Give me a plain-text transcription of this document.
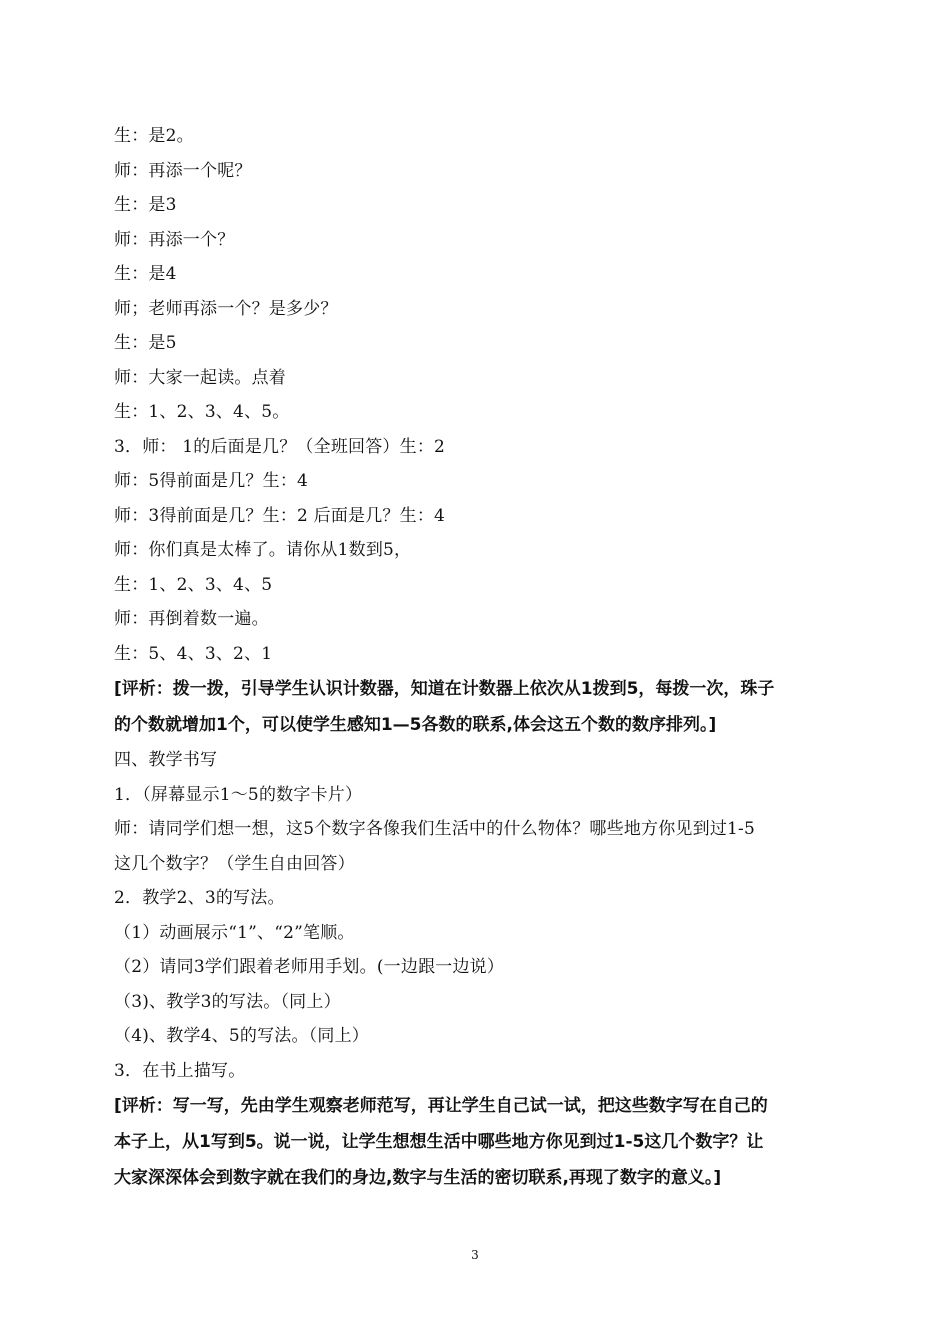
生：是2。
师：再添一个呢？
生：是3
师：再添一个？
生：是4
师；老师再添一个？是多少？
生：是5
师：大家一起读。点着
生：1、2、3、4、5。
3．师： 1的后面是几？（全班回答）生：2
师：5得前面是几？生：4
师：3得前面是几？生：2 后面是几？生：4
师：你们真是太棒了。请你从1数到5，
生：1、2、3、4、5
师：再倒着数一遍。
生：5、4、3、2、1
[评析：拨一拨，引导学生认识计数器，知道在计数器上依次从1拨到5，每拨一次，珠子
的个数就增加1个，可以使学生感知1—5各数的联系,体会这五个数的数序排列。]
四、教学书写
1．（屏幕显示1～5的数字卡片）
师：请同学们想一想，这5个数字各像我们生活中的什么物体？哪些地方你见到过1-5
这几个数字？（学生自由回答）
2．教学2、3的写法。
（1）动画展示“1”、“2”笔顺。
（2）请同3学们跟着老师用手划。(一边跟一边说）
（3)、教学3的写法。（同上）
（4)、教学4、5的写法。（同上）
3．在书上描写。
[评析：写一写，先由学生观察老师范写，再让学生自己试一试，把这些数字写在自己的
本子上，从1写到5。说一说，让学生想想生活中哪些地方你见到过1-5这几个数字？让
大家深深体会到数字就在我们的身边,数字与生活的密切联系,再现了数字的意义。]
3
